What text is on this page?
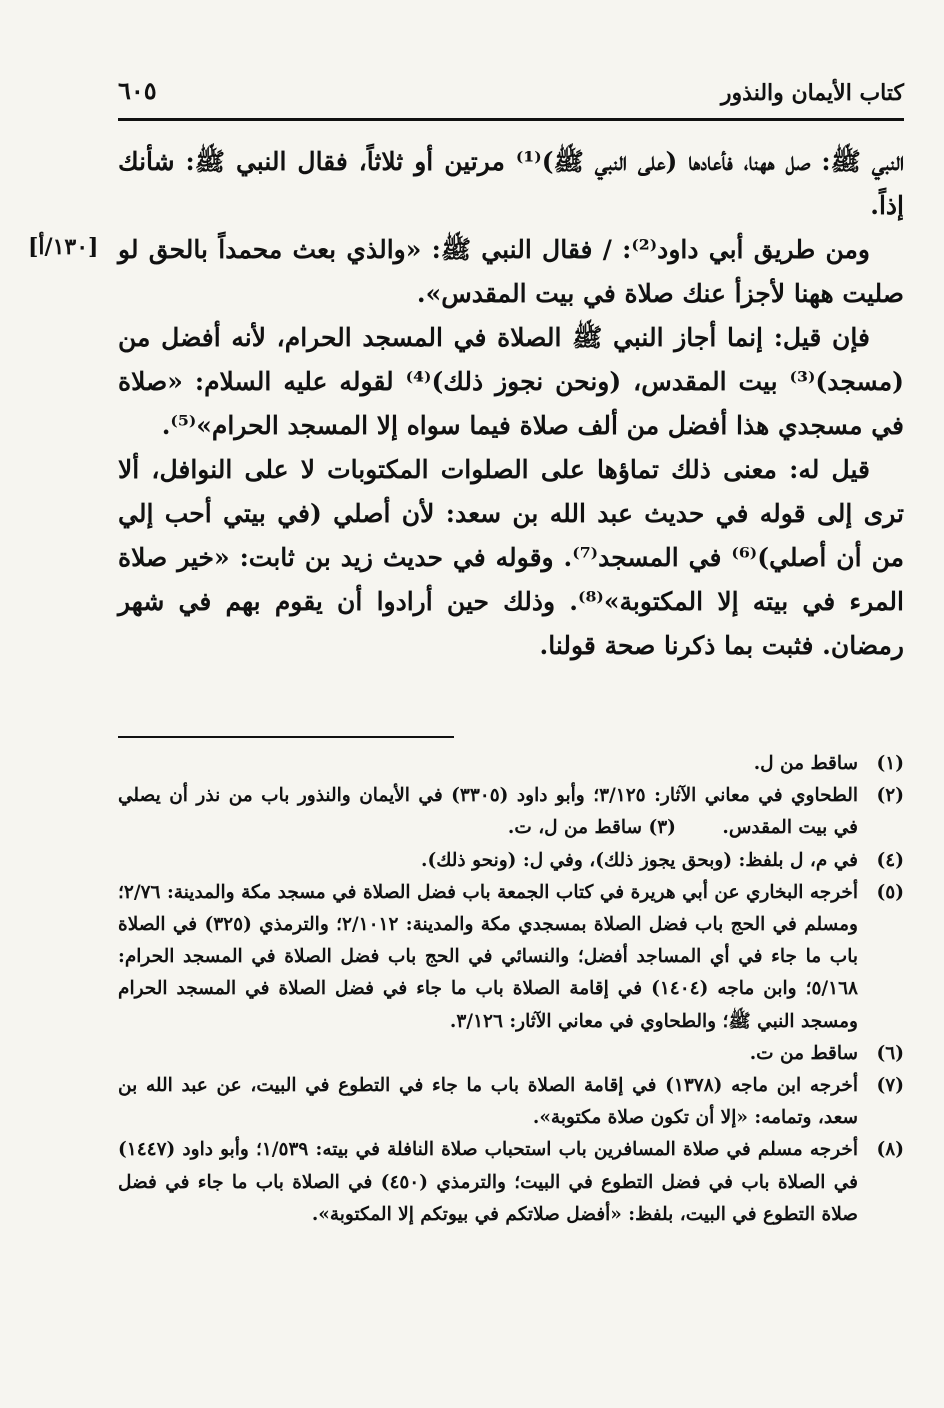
كتاب الأيمان والنذور
٦٠٥
[١٣٠/أ]

النبي ﷺ: صل ههنا، فأعادها (على النبي ﷺ)⁽¹⁾ مرتين أو ثلاثاً، فقال النبي ﷺ: شأنك إذاً.

ومن طريق أبي داود⁽²⁾: / فقال النبي ﷺ: «والذي بعث محمداً بالحق لو صليت ههنا لأجزأ عنك صلاة في بيت المقدس».

فإن قيل: إنما أجاز النبي ﷺ الصلاة في المسجد الحرام، لأنه أفضل من (مسجد)⁽³⁾ بيت المقدس، (ونحن نجوز ذلك)⁽⁴⁾ لقوله عليه السلام: «صلاة في مسجدي هذا أفضل من ألف صلاة فيما سواه إلا المسجد الحرام»⁽⁵⁾.

قيل له: معنى ذلك تماؤها على الصلوات المكتوبات لا على النوافل، ألا ترى إلى قوله في حديث عبد الله بن سعد: لأن أصلي (في بيتي أحب إلي من أن أصلي)⁽⁶⁾ في المسجد⁽⁷⁾. وقوله في حديث زيد بن ثابت: «خير صلاة المرء في بيته إلا المكتوبة»⁽⁸⁾. وذلك حين أرادوا أن يقوم بهم في شهر رمضان. فثبت بما ذكرنا صحة قولنا.

(١)
ساقط من ل.
(٢)
الطحاوي في معاني الآثار: ٣/١٢٥؛ وأبو داود (٣٣٠٥) في الأيمان والنذور باب من نذر أن يصلي في بيت المقدس. (٣) ساقط من ل، ت.
(٤)
في م، ل بلفظ: (وبحق يجوز ذلك)، وفي ل: (ونحو ذلك).
(٥)
أخرجه البخاري عن أبي هريرة في كتاب الجمعة باب فضل الصلاة في مسجد مكة والمدينة: ٢/٧٦؛ ومسلم في الحج باب فضل الصلاة بمسجدي مكة والمدينة: ٢/١٠١٢؛ والترمذي (٣٢٥) في الصلاة باب ما جاء في أي المساجد أفضل؛ والنسائي في الحج باب فضل الصلاة في المسجد الحرام: ٥/١٦٨؛ وابن ماجه (١٤٠٤) في إقامة الصلاة باب ما جاء في فضل الصلاة في المسجد الحرام ومسجد النبي ﷺ؛ والطحاوي في معاني الآثار: ٣/١٢٦.
(٦)
ساقط من ت.
(٧)
أخرجه ابن ماجه (١٣٧٨) في إقامة الصلاة باب ما جاء في التطوع في البيت، عن عبد الله بن سعد، وتمامه: «إلا أن تكون صلاة مكتوبة».
(٨)
أخرجه مسلم في صلاة المسافرين باب استحباب صلاة النافلة في بيته: ١/٥٣٩؛ وأبو داود (١٤٤٧) في الصلاة باب في فضل التطوع في البيت؛ والترمذي (٤٥٠) في الصلاة باب ما جاء في فضل صلاة التطوع في البيت، بلفظ: «أفضل صلاتكم في بيوتكم إلا المكتوبة».
